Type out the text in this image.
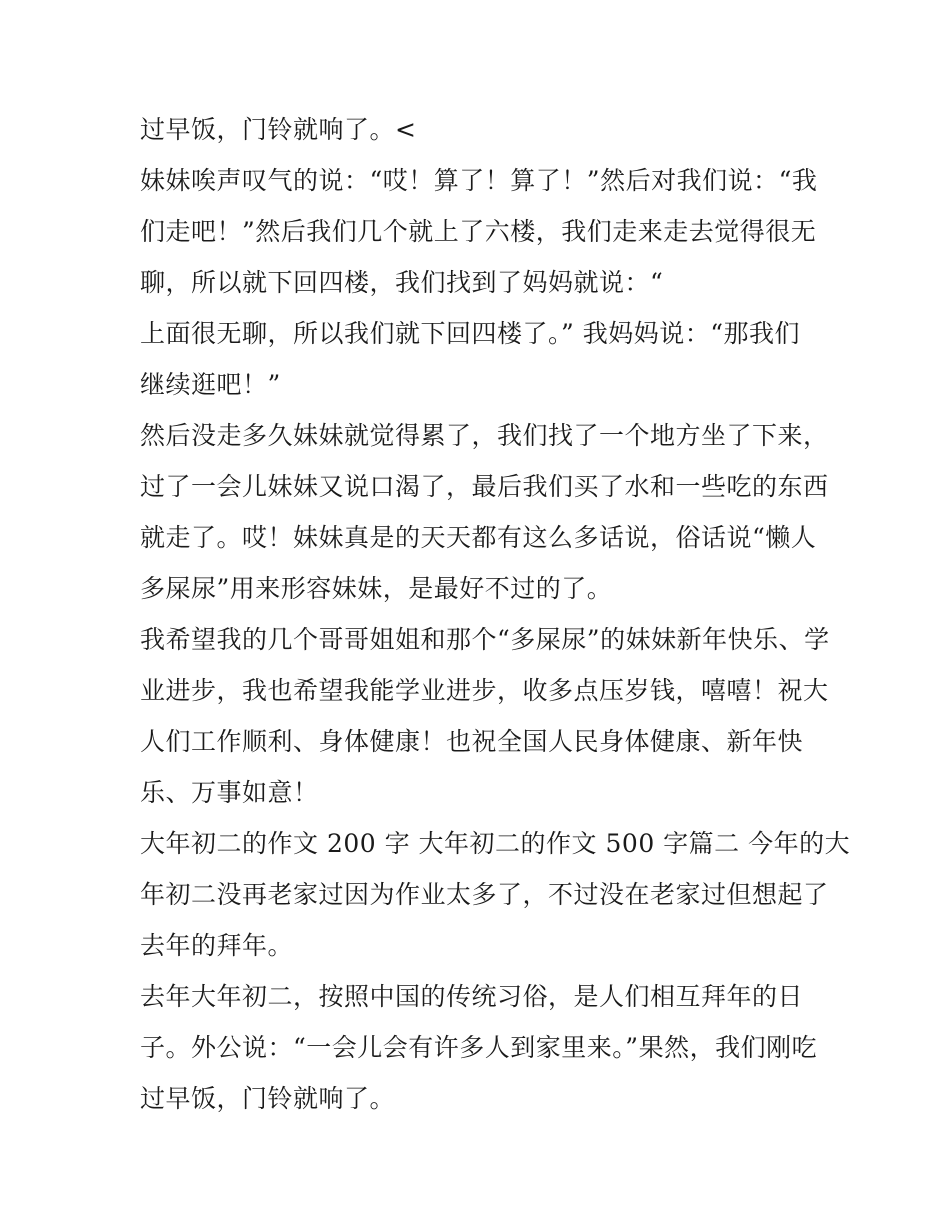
过早饭，门铃就响了。<
妹妹唉声叹气的说：“哎！算了！算了！”然后对我们说：“我
们走吧！”然后我们几个就上了六楼，我们走来走去觉得很无
聊，所以就下回四楼，我们找到了妈妈就说：“
上面很无聊，所以我们就下回四楼了。” 我妈妈说：“那我们
继续逛吧！”
然后没走多久妹妹就觉得累了，我们找了一个地方坐了下来，
过了一会儿妹妹又说口渴了，最后我们买了水和一些吃的东西
就走了。哎！妹妹真是的天天都有这么多话说，俗话说“懒人
多屎尿”用来形容妹妹，是最好不过的了。
我希望我的几个哥哥姐姐和那个“多屎尿”的妹妹新年快乐、学
业进步，我也希望我能学业进步，收多点压岁钱，嘻嘻！祝大
人们工作顺利、身体健康！也祝全国人民身体健康、新年快
乐、万事如意！
大年初二的作文 200 字 大年初二的作文 500 字篇二 今年的大
年初二没再老家过因为作业太多了，不过没在老家过但想起了
去年的拜年。
去年大年初二，按照中国的传统习俗，是人们相互拜年的日
子。外公说：“一会儿会有许多人到家里来。”果然，我们刚吃
过早饭，门铃就响了。
